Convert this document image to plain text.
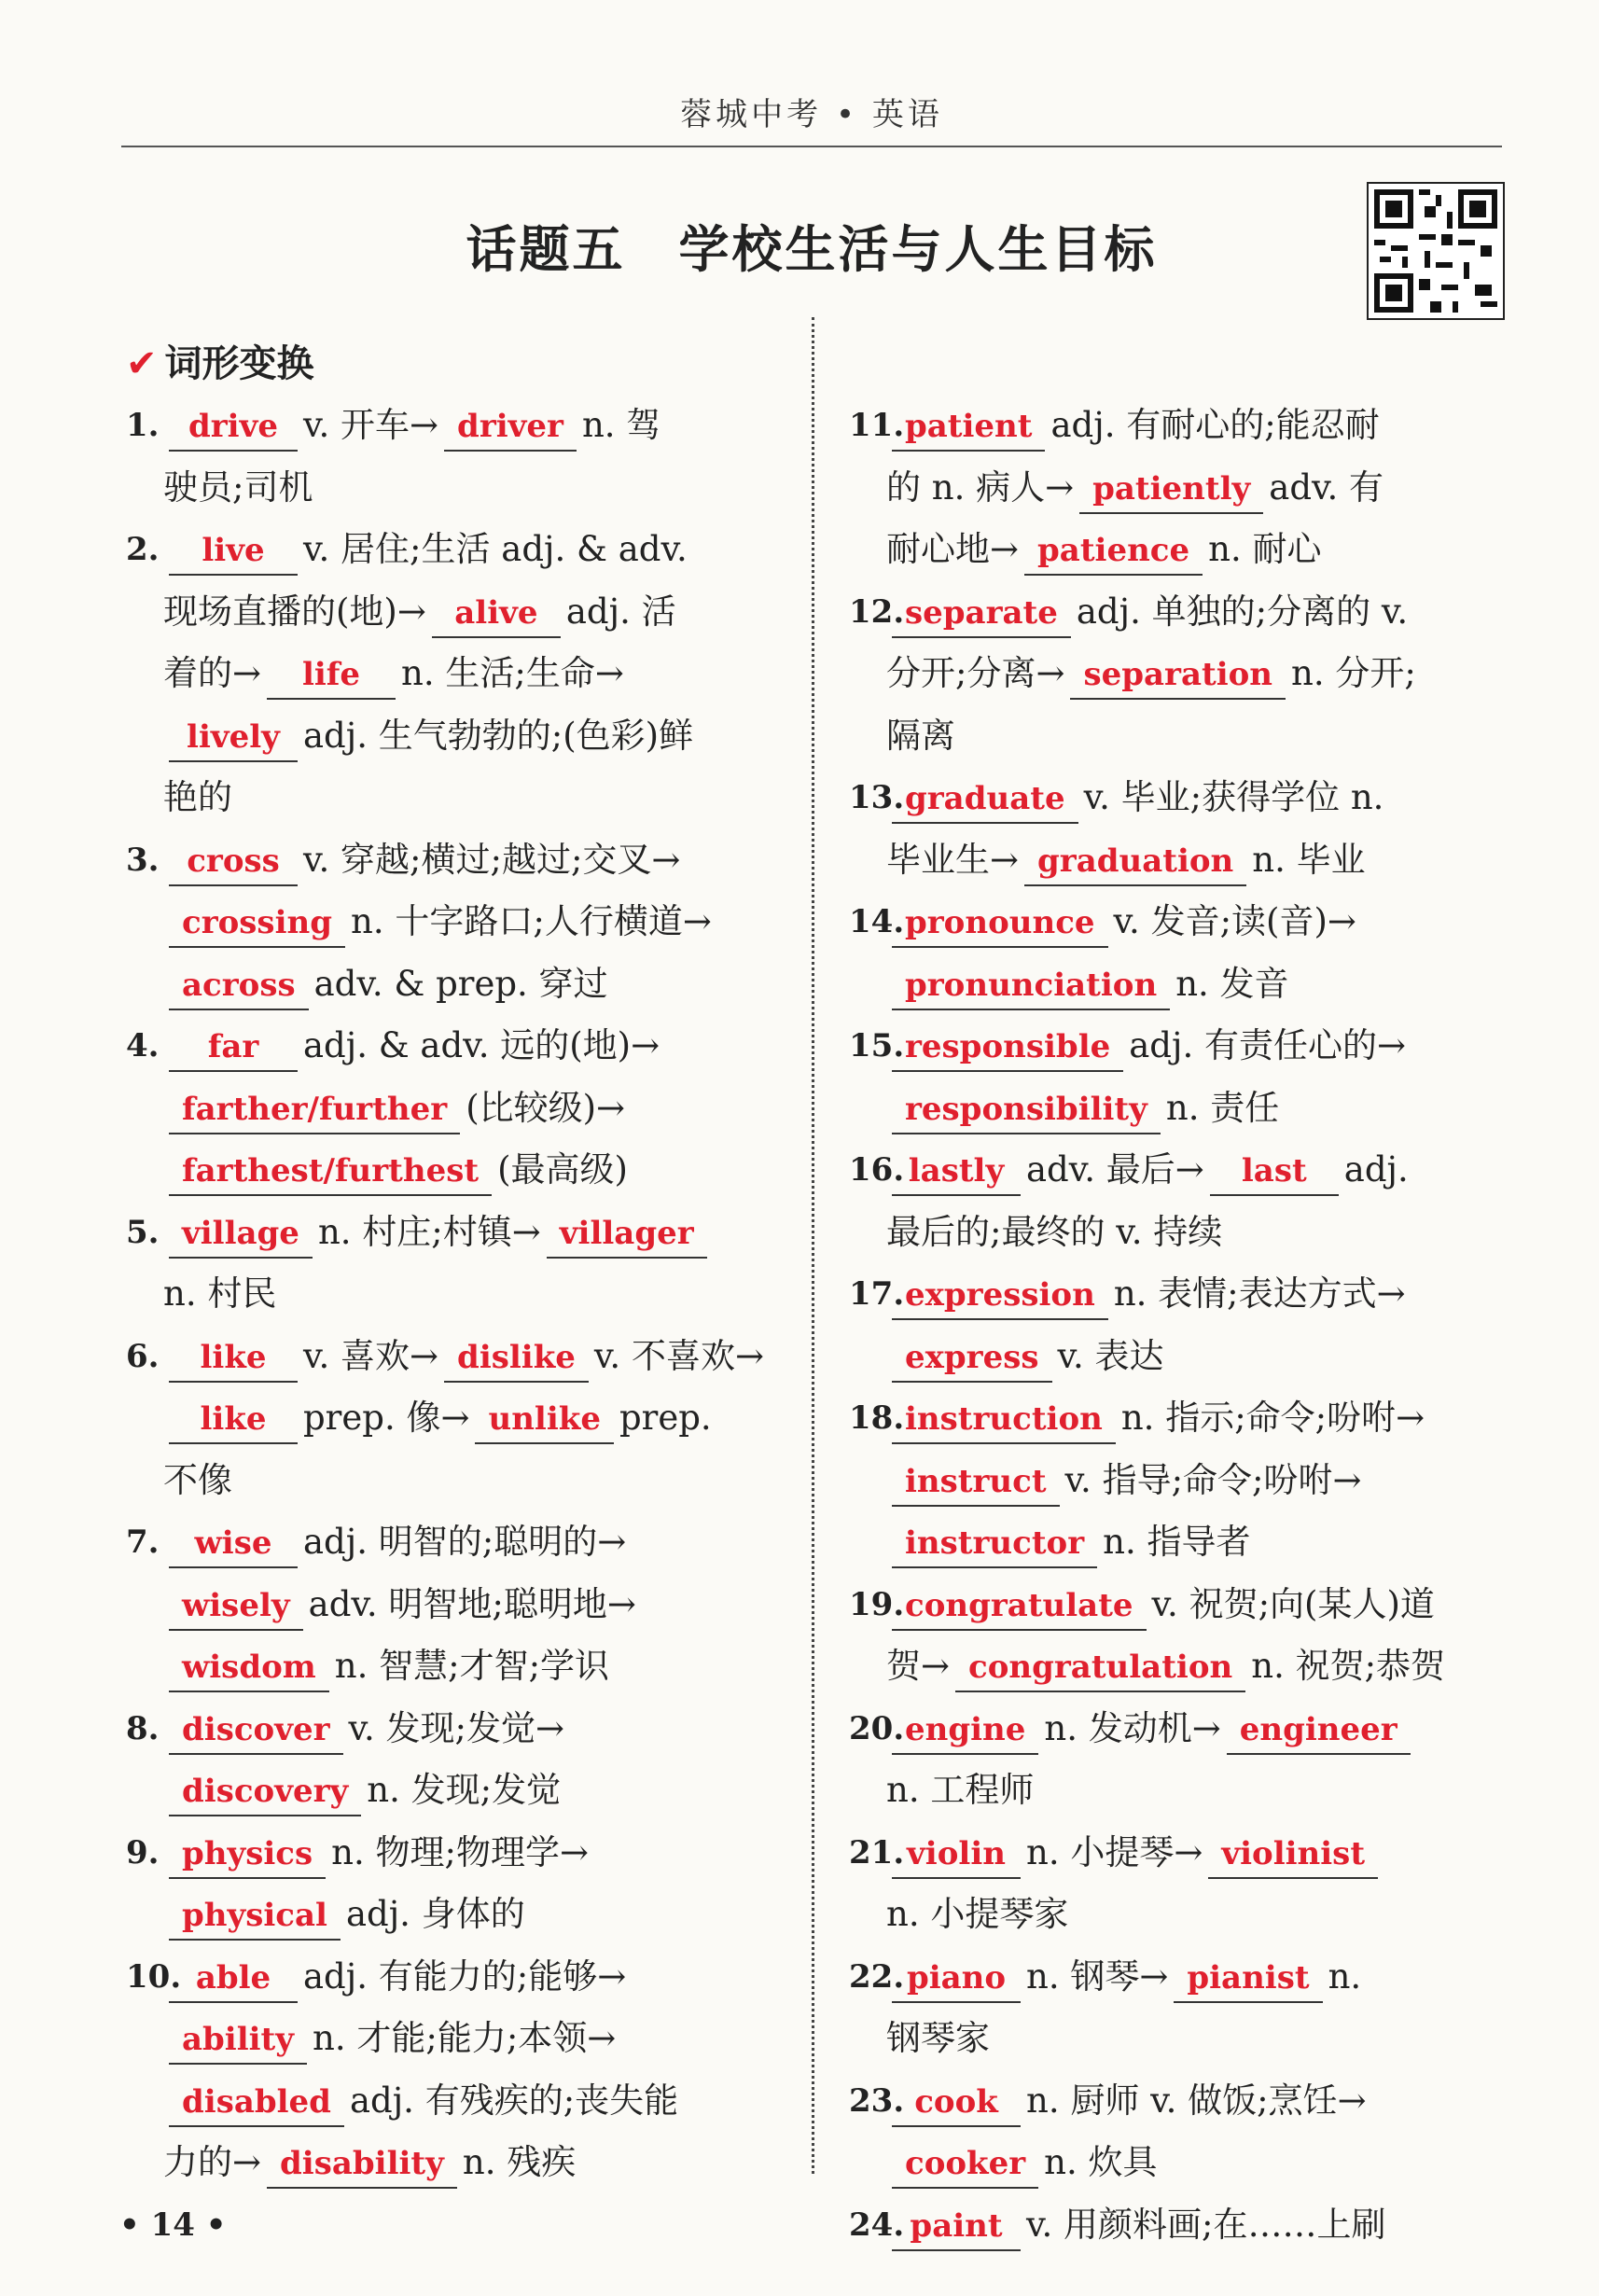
蓉城中考 • 英语
话题五　学校生活与人生目标
✔ 词形变换
1. drive v. 开车→ driver n. 驾
驶员;司机
2.	live v. 居住;生活 adj. & adv.
现场直播的(地)→ alive adj. 活
着的→ life n. 生活;生命→
lively adj. 生气勃勃的;(色彩)鲜
艳的
3. cross v. 穿越;横过;越过;交叉→
crossing n. 十字路口;人行横道→
across adv. & prep. 穿过
4.	far adj. & adv. 远的(地)→
farther/further (比较级)→
farthest/furthest (最高级)
5. village n. 村庄;村镇→ villager
n. 村民
6.	like v. 喜欢→ dislike v. 不喜欢→
like prep. 像→ unlike prep.
不像
7.	wise adj. 明智的;聪明的→
wisely adv. 明智地;聪明地→
wisdom n. 智慧;才智;学识
8. discover v. 发现;发觉→
discovery n. 发现;发觉
9. physics n. 物理;物理学→
physical adj. 身体的
10. able adj. 有能力的;能够→
ability n. 才能;能力;本领→
disabled adj. 有残疾的;丧失能
力的→ disability n. 残疾
11. patient adj. 有耐心的;能忍耐
的 n. 病人→ patiently adv. 有
耐心地→ patience n. 耐心
12. separate adj. 单独的;分离的 v.
分开;分离→ separation n. 分开;
隔离
13. graduate v. 毕业;获得学位 n.
毕业生→ graduation n. 毕业
14. pronounce v. 发音;读(音)→
pronunciation n. 发音
15. responsible adj. 有责任心的→
responsibility n. 责任
16. lastly adv. 最后→ last adj.
最后的;最终的 v. 持续
17. expression n. 表情;表达方式→
express v. 表达
18. instruction n. 指示;命令;吩咐→
instruct v. 指导;命令;吩咐→
instructor n. 指导者
19. congratulate v. 祝贺;向(某人)道
贺→ congratulation n. 祝贺;恭贺
20. engine n. 发动机→ engineer
n. 工程师
21. violin n. 小提琴→ violinist
n. 小提琴家
22. piano n. 钢琴→ pianist n.
钢琴家
23. cook n. 厨师 v. 做饭;烹饪→
cooker n. 炊具
24. paint v. 用颜料画;在……上刷
• 14 •
